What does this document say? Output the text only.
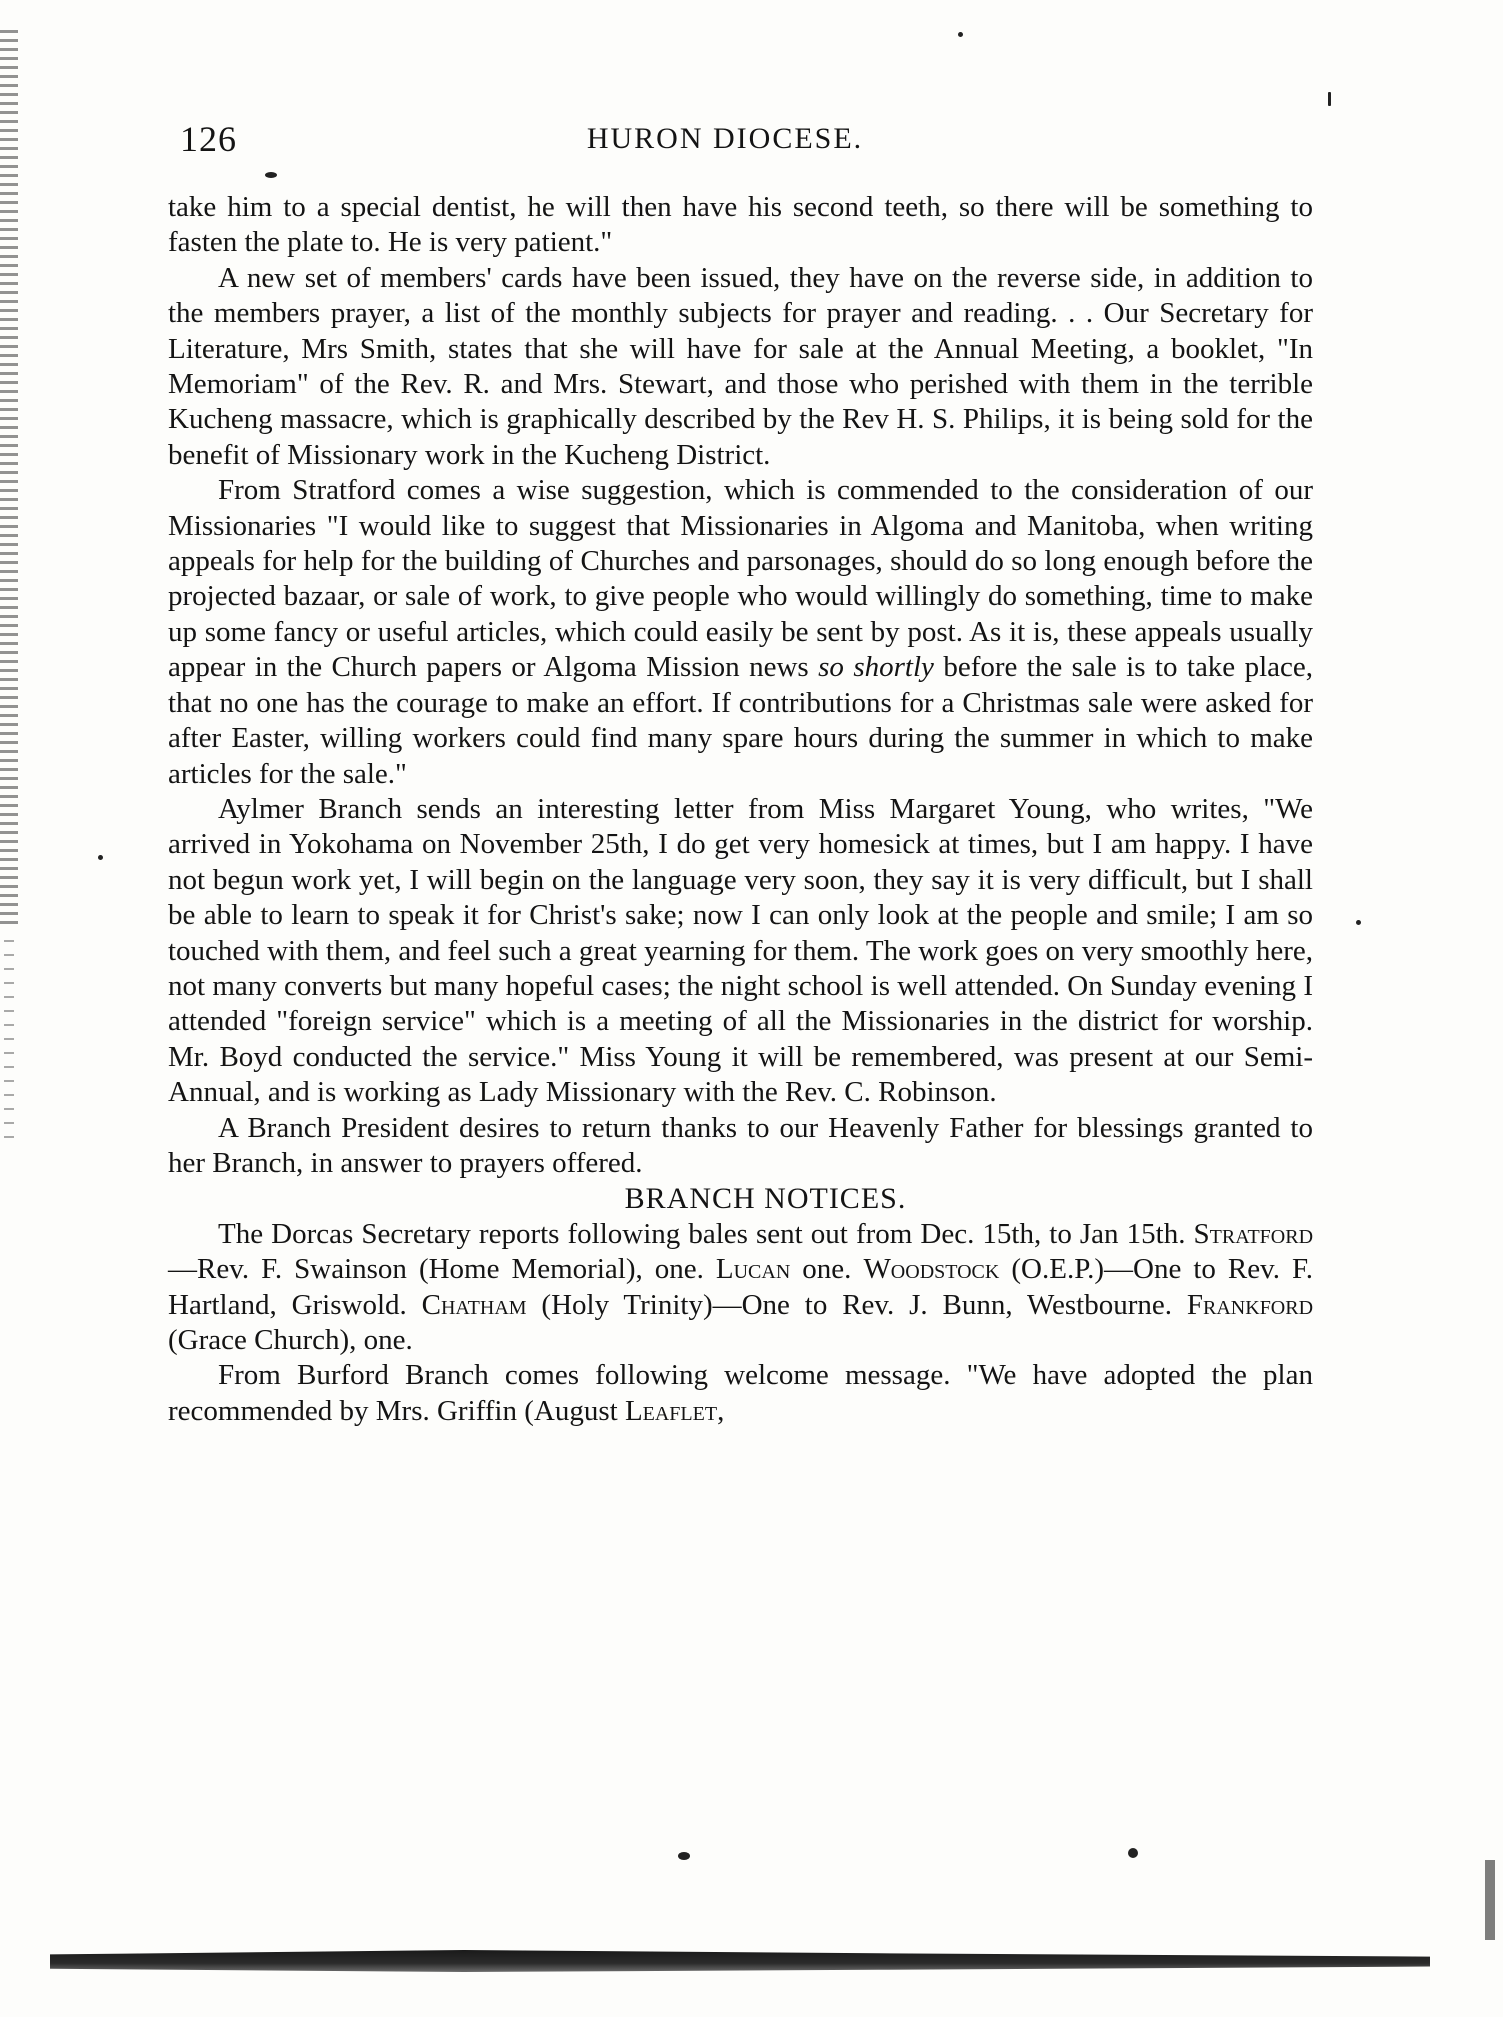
126	HURON DIOCESE.

take him to a special dentist, he will then have his second teeth, so there will be something to fasten the plate to. He is very patient."

A new set of members' cards have been issued, they have on the reverse side, in addition to the members prayer, a list of the monthly subjects for prayer and reading. . . Our Secretary for Literature, Mrs Smith, states that she will have for sale at the Annual Meeting, a booklet, "In Memoriam" of the Rev. R. and Mrs. Stewart, and those who perished with them in the terrible Kucheng massacre, which is graphically described by the Rev H. S. Philips, it is being sold for the benefit of Missionary work in the Kucheng District.

From Stratford comes a wise suggestion, which is commended to the consideration of our Missionaries "I would like to suggest that Missionaries in Algoma and Manitoba, when writing appeals for help for the building of Churches and parsonages, should do so long enough before the projected bazaar, or sale of work, to give people who would willingly do something, time to make up some fancy or useful articles, which could easily be sent by post. As it is, these appeals usually appear in the Church papers or Algoma Mission news so shortly before the sale is to take place, that no one has the courage to make an effort. If contributions for a Christmas sale were asked for after Easter, willing workers could find many spare hours during the summer in which to make articles for the sale."

Aylmer Branch sends an interesting letter from Miss Margaret Young, who writes, "We arrived in Yokohama on November 25th, I do get very homesick at times, but I am happy. I have not begun work yet, I will begin on the language very soon, they say it is very difficult, but I shall be able to learn to speak it for Christ's sake; now I can only look at the people and smile; I am so touched with them, and feel such a great yearning for them. The work goes on very smoothly here, not many converts but many hopeful cases; the night school is well attended. On Sunday evening I attended "foreign service" which is a meeting of all the Missionaries in the district for worship. Mr. Boyd conducted the service." Miss Young it will be remembered, was present at our Semi-Annual, and is working as Lady Missionary with the Rev. C. Robinson.

A Branch President desires to return thanks to our Heavenly Father for blessings granted to her Branch, in answer to prayers offered.

BRANCH NOTICES.

The Dorcas Secretary reports following bales sent out from Dec. 15th, to Jan 15th. Stratford—Rev. F. Swainson (Home Memorial), one. Lucan one. Woodstock (O.E.P.)—One to Rev. F. Hartland, Griswold. Chatham (Holy Trinity)—One to Rev. J. Bunn, Westbourne. Frankford (Grace Church), one.

From Burford Branch comes following welcome message. "We have adopted the plan recommended by Mrs. Griffin (August Leaflet,
